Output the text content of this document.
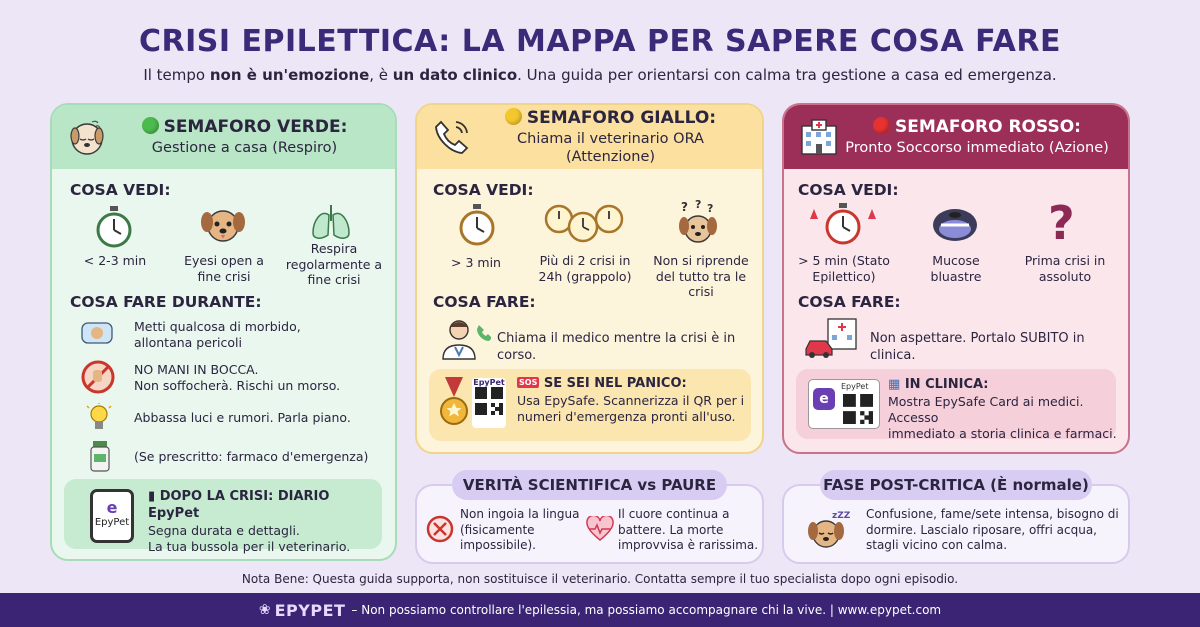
CRISI EPILETTICA: LA MAPPA PER SAPERE COSA FARE
Il tempo non è un'emozione, è un dato clinico. Una guida per orientarsi con calma tra gestione a casa ed emergenza.
SEMAFORO VERDE:
Gestione a casa (Respiro)
COSA VEDI:
< 2-3 min	Eyesi open a fine crisi
Respira regolarmente a fine crisi
COSA FARE DURANTE:
Metti qualcosa di morbido,
allontana pericoli
NO MANI IN BOCCA.
Non soffocherà. Rischi un morso.
Abbassa luci e rumori. Parla piano.
(Se prescritto: farmaco d'emergenza)
e
EpyPet
▮ DOPO LA CRISI: DIARIO EpyPet
Segna durata e dettagli.
La tua bussola per il veterinario.
SEMAFORO GIALLO:
Chiama il veterinario ORA (Attenzione)
COSA VEDI:
? ? ?
> 3 min	Più di 2 crisi in 24h (grappolo)
Non si riprende del tutto tra le crisi
COSA FARE:
Chiama il medico mentre la crisi è in corso.
EpyPet SOS SE SEI NEL PANICO:
Usa EpySafe. Scannerizza il QR per i
numeri d'emergenza pronti all'uso.
SEMAFORO ROSSO:
Pronto Soccorso immediato (Azione)
COSA VEDI:
?
> 5 min (Stato Epilettico)
Mucose bluastre
Prima crisi in assoluto
COSA FARE:
Non aspettare. Portalo SUBITO in clinica.
e
EpyPet ▦ IN CLINICA:
Mostra EpySafe Card ai medici. Accesso
immediato a storia clinica e farmaci.
VERITÀ SCIENTIFICA vs PAURE
Non ingoia la lingua (fisicamente impossibile).
Il cuore continua a battere. La morte improvvisa è rarissima.
FASE POST-CRITICA (È normale)
zZZ Confusione, fame/sete intensa, bisogno di dormire. Lascialo riposare, offri acqua, stagli vicino con calma.
Nota Bene: Questa guida supporta, non sostituisce il veterinario. Contatta sempre il tuo specialista dopo ogni episodio.
❀ EPYPET – Non possiamo controllare l'epilessia, ma possiamo accompagnare chi la vive. | www.epypet.com
